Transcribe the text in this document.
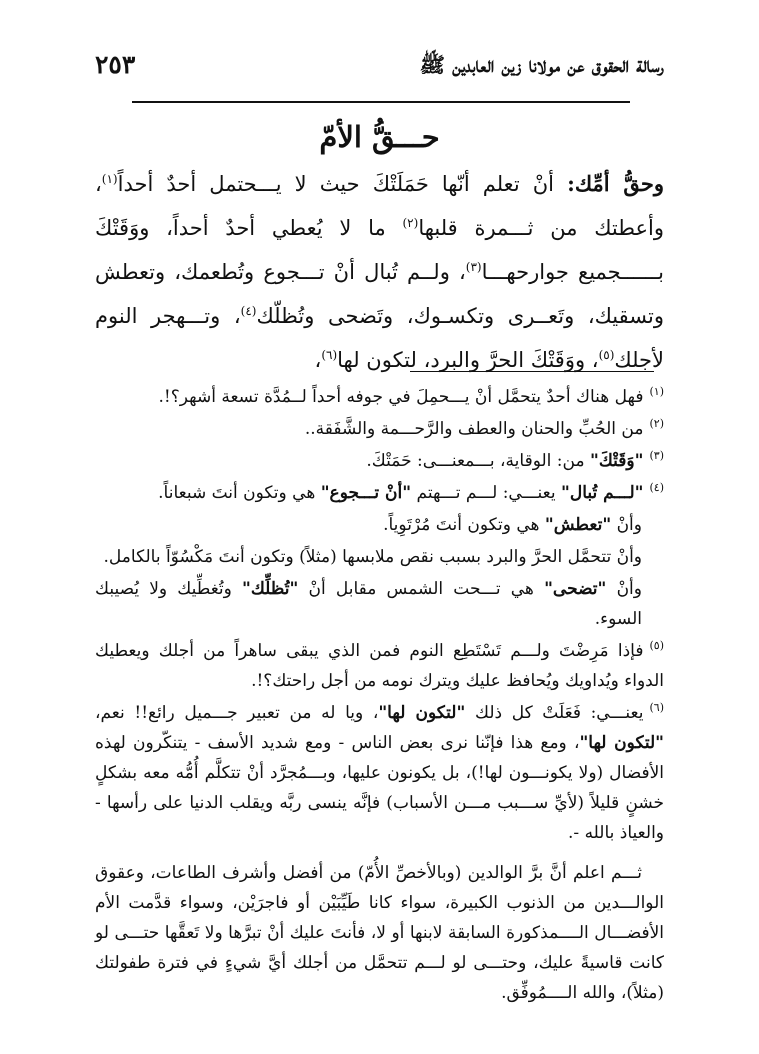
رسالة الحقوق عن مولانا زين العابدين ﷺ
٢٥٣
حـــقُّ الأمّ

وحقُّ أمِّك: أنْ تعلم أنّها حَمَلَتْكَ حيث لا يـــحتمل أحدٌ أحداً$^{(١)}$، وأعطتك من ثـــمرة قلبها$^{(٢)}$ ما لا يُعطي أحدٌ أحداً، ووَقَتْكَ بــــــجميع جوارحهـــا$^{(٣)}$، ولــم تُبال أنْ تـــجوع وتُطعمك، وتعطش وتسقيك، وتَعــرى وتكسـوك، وتَضحى وتُظلّك$^{(٤)}$، وتـــهجر النوم لأجلك$^{(٥)}$، ووَقَتْكَ الحرَّ والبرد، لتكون لها$^{(٦)}$،

$^{(١)}$فهل هناك أحدٌ يتحمَّل أنْ يـــحمِلَ في جوفه أحداً لــمُدَّة تسعة أشهر؟!.

$^{(٢)}$من الحُبِّ والحنان والعطف والرَّحـــمة والشَّفَقة..

$^{(٣)}$"وَقَتْكَ" من: الوقاية، بـــمعنـــى: حَمَتْكَ.

$^{(٤)}$"لـــم تُبال" يعنـــي: لـــم تـــهتم "أنْ تـــجوع" هي وتكون أنتَ شبعاناً.

وأنْ "تعطش" هي وتكون أنتَ مُرْتَوِياً.

وأنْ تتحمَّل الحرَّ والبرد بسبب نقص ملابسها (مثلاً) وتكون أنتَ مَكْسُوّاً بالكامل.

وأنْ "تضحى" هي تـــحت الشمس مقابل أنْ "تُظلِّك" وتُغطِّيك ولا يُصيبك السوء.

$^{(٥)}$فإذا مَرِضْتَ ولـــم تَسْتَطِع النوم فمن الذي يبقى ساهراً من أجلك ويعطيك الدواء ويُداويك ويُحافظ عليك ويترك نومه من أجل راحتك؟!.

$^{(٦)}$يعنـــي: فَعَلَتْ كل ذلك "لتكون لها"، ويا له من تعبير جـــميل رائع!! نعم، "لتكون لها"، ومع هذا فإنّنا نرى بعض الناس - ومع شديد الأسف - يتنكّرون لهذه الأفضال (ولا يكونـــون لها!)، بل يكونون عليها، وبـــمُجرَّد أنْ تتكلَّم أُمُّه معه بشكلٍ خشنٍ قليلاً (لأيِّ ســـبب مـــن الأسباب) فإنَّه ينسى ربَّه ويقلب الدنيا على رأسها - والعياذ بالله -.

ثـــم اعلم أنَّ برَّ الوالدين (وبالأخصِّ الأُمّ) من أفضل وأشرف الطاعات، وعقوق الوالـــدين من الذنوب الكبيرة، سواء كانا طَيِّبَيْن أو فاجرَيْن، وسواء قدَّمت الأم الأفضـــال الــــمذكورة السابقة لابنها أو لا، فأنتَ عليك أنْ تبرَّها ولا تَعقَّها حتـــى لو كانت قاسيةً عليك، وحتـــى لو لـــم تتحمَّل من أجلك أيَّ شيءٍ في فترة طفولتك (مثلاً)، والله الــــمُوفِّق.
